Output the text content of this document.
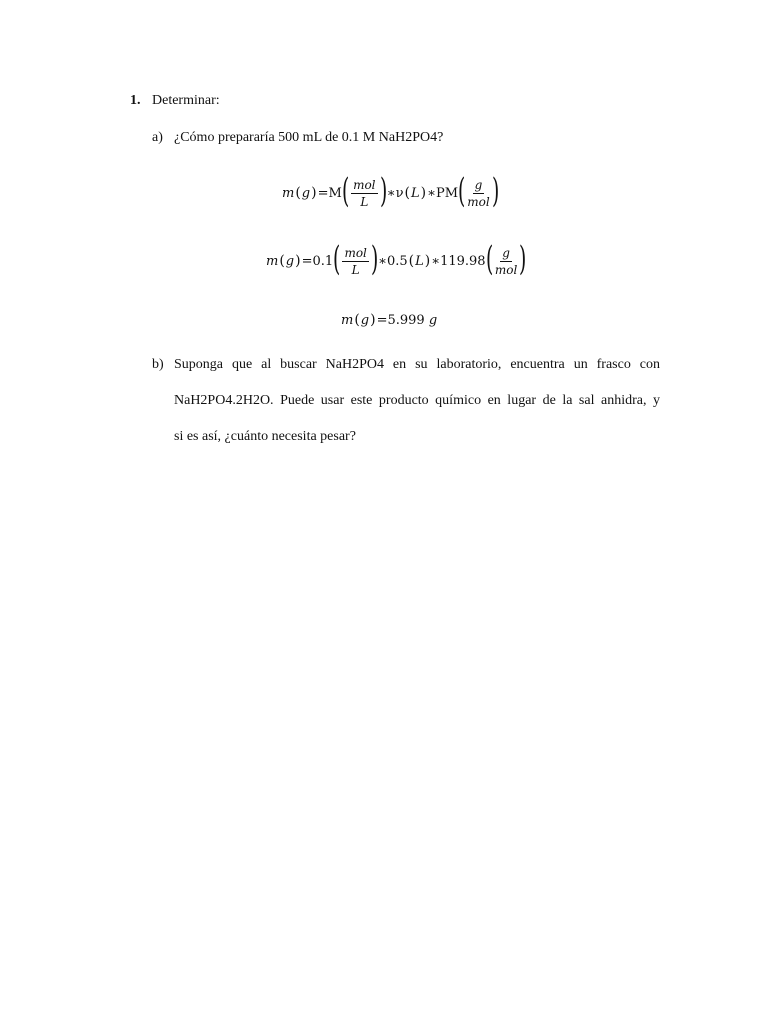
1. Determinar:
a) ¿Cómo prepararía 500 mL de 0.1 M NaH2PO4?
m ( g ) =M ( $\frac{\text{mol}}{L}$ ) ∗ν ( L ) ∗PM ( $\frac{g}{\text{mol}}$ )
m ( g ) =0.1 ( $\frac{\text{mol}}{L}$ ) ∗0.5 ( L ) ∗119.98 ( $\frac{g}{\text{mol}}$ )
m ( g ) =5.999
g
b) Suponga que al buscar NaH2PO4 en su laboratorio, encuentra un frasco con
NaH2PO4.2H2O. Puede usar este producto químico en lugar de la sal anhidra, y
si es así, ¿cuánto necesita pesar?
